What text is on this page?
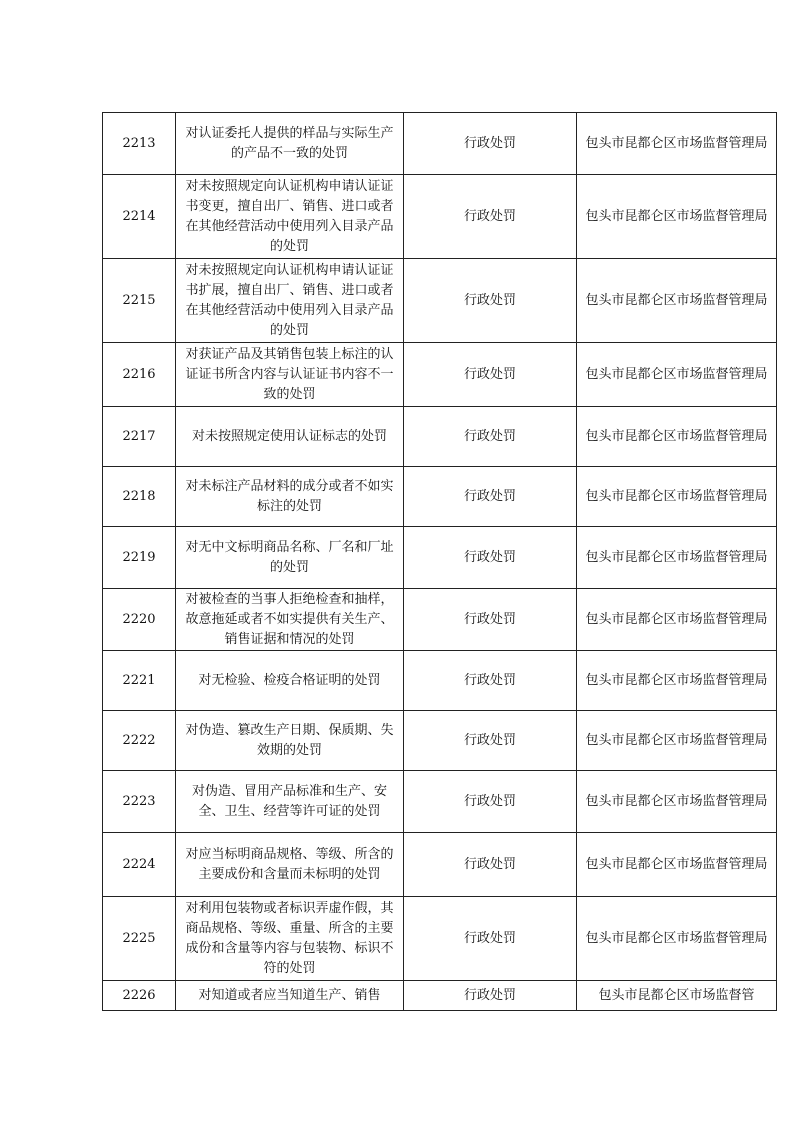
2213	对认证委托人提供的样品与实际生产的产品不一致的处罚	行政处罚	包头市昆都仑区市场监督管理局
2214	对未按照规定向认证机构申请认证证书变更，擅自出厂、销售、进口或者在其他经营活动中使用列入目录产品的处罚	行政处罚	包头市昆都仑区市场监督管理局
2215	对未按照规定向认证机构申请认证证书扩展，擅自出厂、销售、进口或者在其他经营活动中使用列入目录产品的处罚	行政处罚	包头市昆都仑区市场监督管理局
2216	对获证产品及其销售包装上标注的认证证书所含内容与认证证书内容不一致的处罚	行政处罚	包头市昆都仑区市场监督管理局
2217	对未按照规定使用认证标志的处罚	行政处罚	包头市昆都仑区市场监督管理局
2218	对未标注产品材料的成分或者不如实标注的处罚	行政处罚	包头市昆都仑区市场监督管理局
2219	对无中文标明商品名称、厂名和厂址的处罚	行政处罚	包头市昆都仑区市场监督管理局
2220	对被检查的当事人拒绝检查和抽样，故意拖延或者不如实提供有关生产、销售证据和情况的处罚	行政处罚	包头市昆都仑区市场监督管理局
2221	对无检验、检疫合格证明的处罚	行政处罚	包头市昆都仑区市场监督管理局
2222	对伪造、篡改生产日期、保质期、失效期的处罚	行政处罚	包头市昆都仑区市场监督管理局
2223	对伪造、冒用产品标准和生产、安全、卫生、经营等许可证的处罚	行政处罚	包头市昆都仑区市场监督管理局
2224	对应当标明商品规格、等级、所含的主要成份和含量而未标明的处罚	行政处罚	包头市昆都仑区市场监督管理局
2225	对利用包装物或者标识弄虚作假，其商品规格、等级、重量、所含的主要成份和含量等内容与包装物、标识不符的处罚	行政处罚	包头市昆都仑区市场监督管理局
2226	对知道或者应当知道生产、销售	行政处罚	包头市昆都仑区市场监督管
